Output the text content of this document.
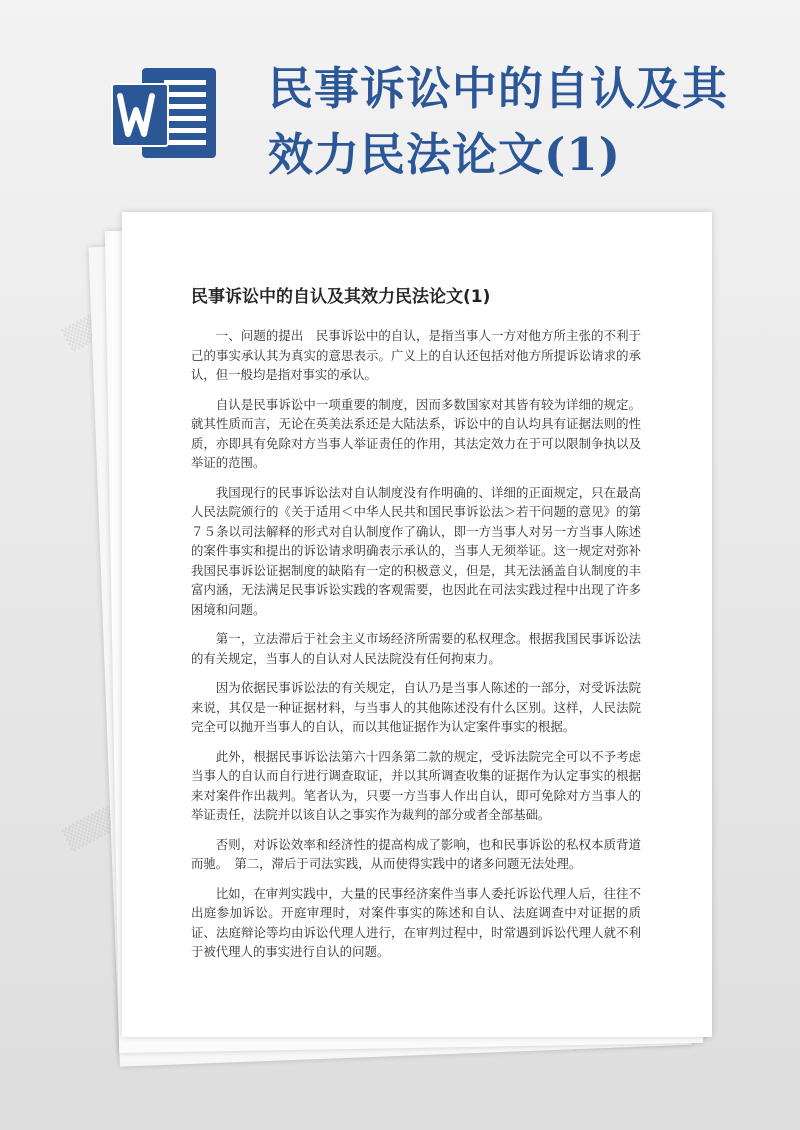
民事诉讼中的自认及其效力民法论文(1)
民事诉讼中的自认及其效力民法论文(1)

一、问题的提出　民事诉讼中的自认，是指当事人一方对他方所主张的不利于己的事实承认其为真实的意思表示。广义上的自认还包括对他方所提诉讼请求的承认，但一般均是指对事实的承认。

自认是民事诉讼中一项重要的制度，因而多数国家对其皆有较为详细的规定。就其性质而言，无论在英美法系还是大陆法系，诉讼中的自认均具有证据法则的性质，亦即具有免除对方当事人举证责任的作用，其法定效力在于可以限制争执以及举证的范围。

我国现行的民事诉讼法对自认制度没有作明确的、详细的正面规定，只在最高人民法院颁行的《关于适用＜中华人民共和国民事诉讼法＞若干问题的意见》的第７５条以司法解释的形式对自认制度作了确认，即一方当事人对另一方当事人陈述的案件事实和提出的诉讼请求明确表示承认的，当事人无须举证。这一规定对弥补我国民事诉讼证据制度的缺陷有一定的积极意义，但是，其无法涵盖自认制度的丰富内涵，无法满足民事诉讼实践的客观需要，也因此在司法实践过程中出现了许多困境和问题。

第一，立法滞后于社会主义市场经济所需要的私权理念。根据我国民事诉讼法的有关规定，当事人的自认对人民法院没有任何拘束力。

因为依据民事诉讼法的有关规定，自认乃是当事人陈述的一部分，对受诉法院来说，其仅是一种证据材料，与当事人的其他陈述没有什么区别。这样，人民法院完全可以抛开当事人的自认，而以其他证据作为认定案件事实的根据。

此外，根据民事诉讼法第六十四条第二款的规定，受诉法院完全可以不予考虑当事人的自认而自行进行调查取证，并以其所调查收集的证据作为认定事实的根据来对案件作出裁判。笔者认为，只要一方当事人作出自认，即可免除对方当事人的举证责任，法院并以该自认之事实作为裁判的部分或者全部基础。

否则，对诉讼效率和经济性的提高构成了影响，也和民事诉讼的私权本质背道而驰。　第二，滞后于司法实践，从而使得实践中的诸多问题无法处理。

比如，在审判实践中，大量的民事经济案件当事人委托诉讼代理人后，往往不出庭参加诉讼。开庭审理时，对案件事实的陈述和自认、法庭调查中对证据的质证、法庭辩论等均由诉讼代理人进行，在审判过程中，时常遇到诉讼代理人就不利于被代理人的事实进行自认的问题。
